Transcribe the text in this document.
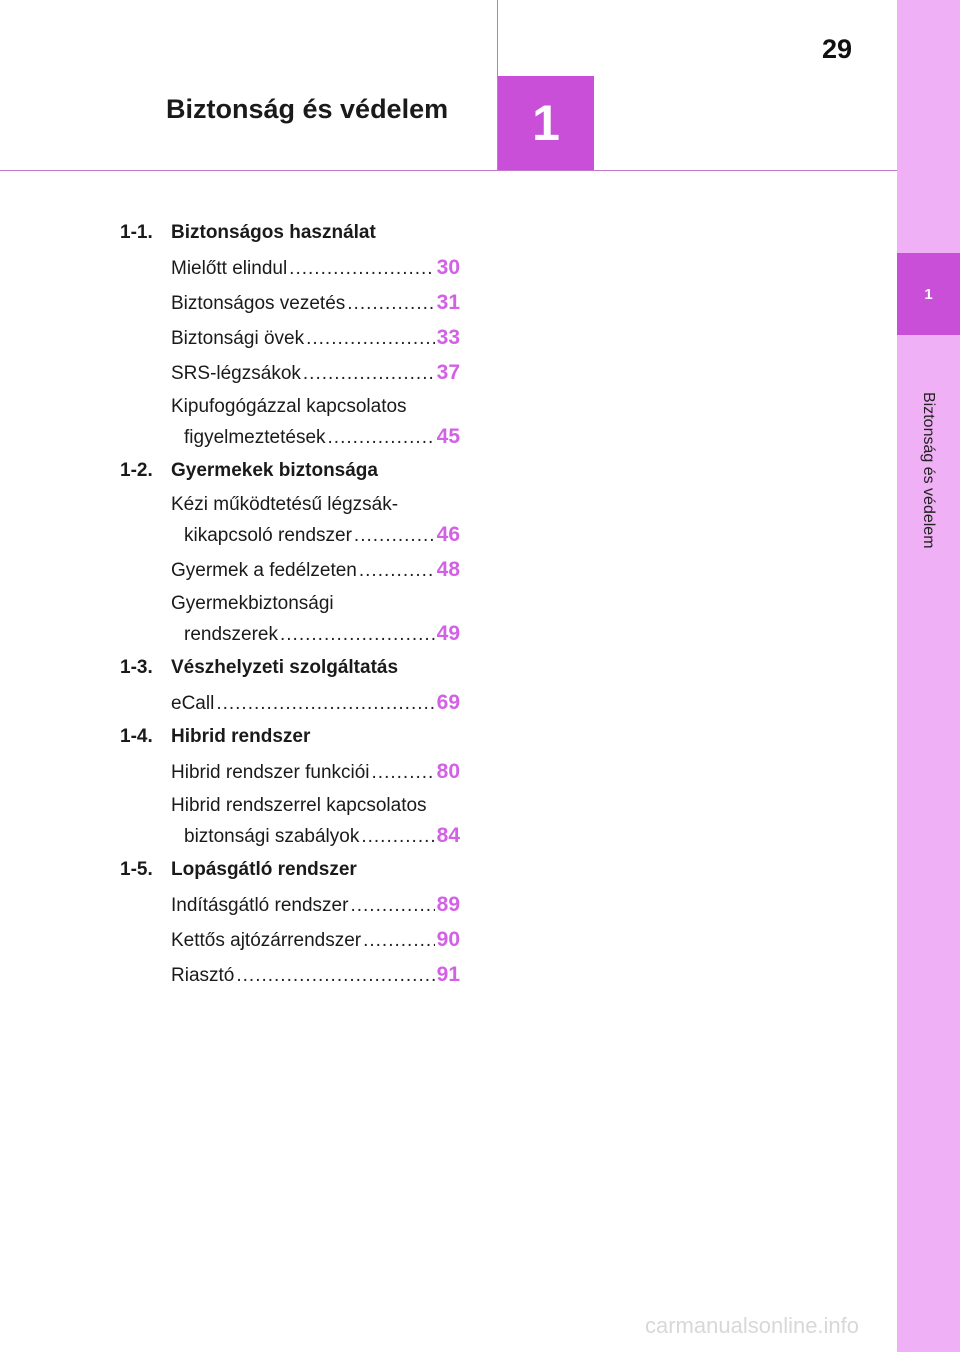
1
Biztonság és védelem
29
1
Biztonság és védelem
1-1. Biztonságos használat
Mielőtt elindul .....	30
Biztonságos vezetés .....	31
Biztonsági övek .....	33
SRS-légzsákok .....	37
Kipufogógázzal kapcsolatos
figyelmeztetések .....	45
1-2. Gyermekek biztonsága
Kézi működtetésű légzsák-
kikapcsoló rendszer .....	46
Gyermek a fedélzeten .....	48
Gyermekbiztonsági
rendszerek .....	49
1-3. Vészhelyzeti szolgáltatás
eCall .....	69
1-4. Hibrid rendszer
Hibrid rendszer funkciói .....	80
Hibrid rendszerrel kapcsolatos
biztonsági szabályok .....	84
1-5. Lopásgátló rendszer
Indításgátló rendszer .....	89
Kettős ajtózárrendszer .....	90
Riasztó .....	91
carmanualsonline.info
